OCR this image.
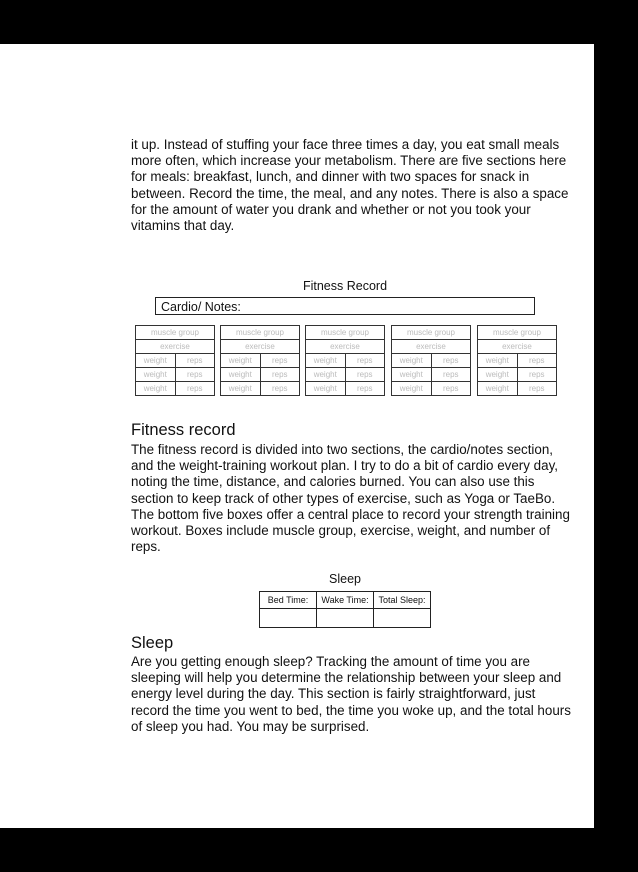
it up. Instead of stuffing your face three times a day, you eat small meals more often, which increase your metabolism. There are five sections here for meals: breakfast, lunch, and dinner with two spaces for snack in between. Record the time, the meal, and any notes. There is also a space for the amount of water you drank and whether or not you took your vitamins that day.

Fitness Record
Cardio/ Notes:
muscle group
exercise
weight	reps
weight	reps
weight	reps
muscle group
exercise
weight	reps
weight	reps
weight	reps
muscle group
exercise
weight	reps
weight	reps
weight	reps
muscle group
exercise
weight	reps
weight	reps
weight	reps
muscle group
exercise
weight	reps
weight	reps
weight	reps
Fitness record

The fitness record is divided into two sections, the cardio/notes section, and the weight-training workout plan. I try to do a bit of cardio every day, noting the time, distance, and calories burned. You can also use this section to keep track of other types of exercise, such as Yoga or TaeBo. The bottom five boxes offer a central place to record your strength training workout. Boxes include muscle group, exercise, weight, and number of reps.

Sleep
Bed Time:	Wake Time:	Total Sleep:

Sleep

Are you getting enough sleep? Tracking the amount of time you are sleeping will help you determine the relationship between your sleep and energy level during the day. This section is fairly straightforward, just record the time you went to bed, the time you woke up, and the total hours of sleep you had. You may be surprised.
